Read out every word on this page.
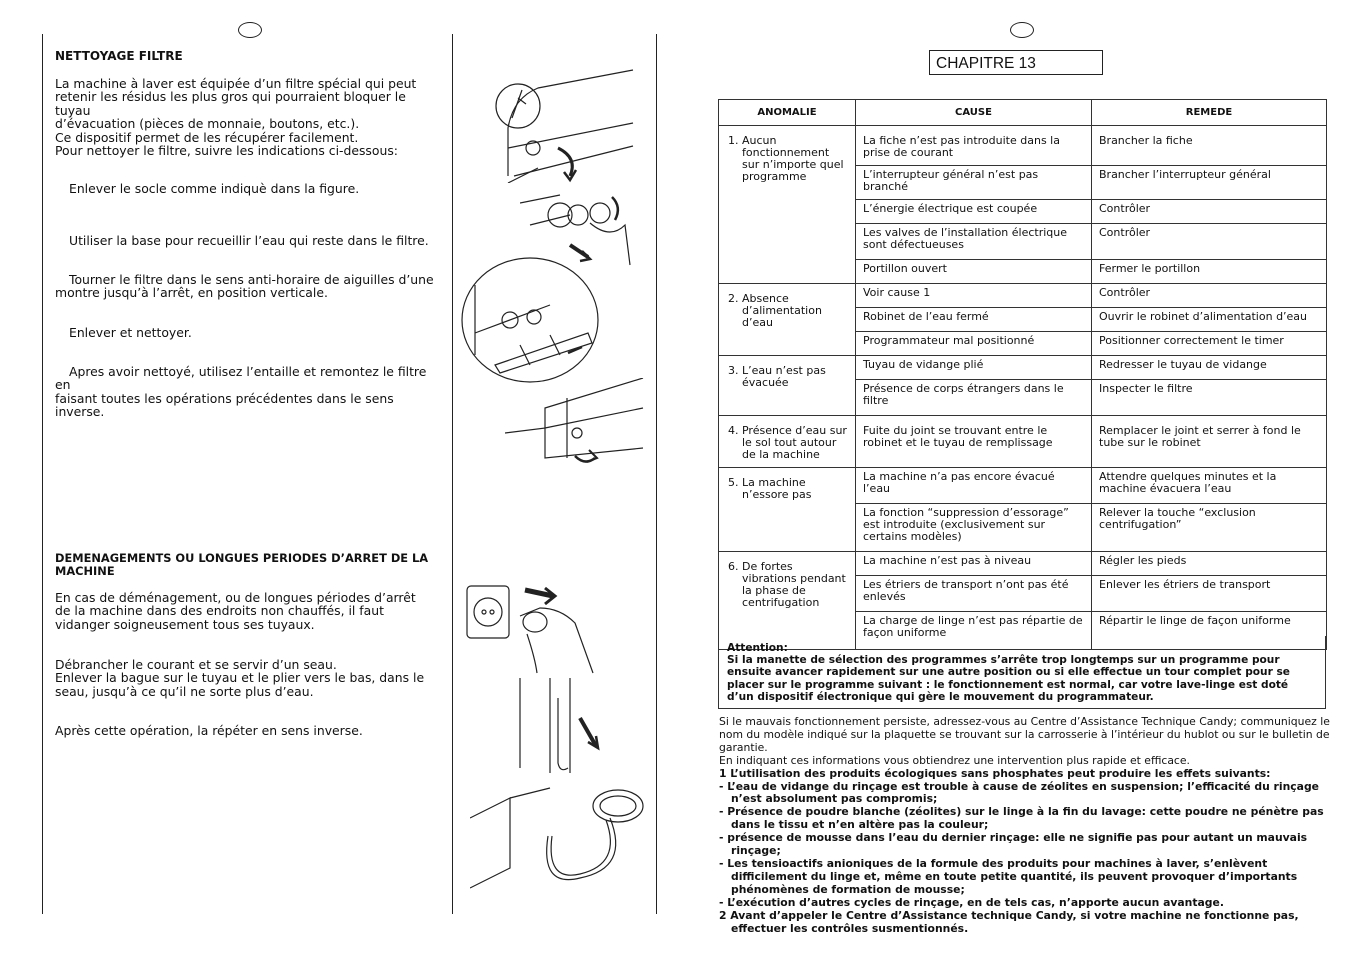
NETTOYAGE FILTRE
La machine à laver est équipée d’un filtre spécial qui peut
retenir les résidus les plus gros qui pourraient bloquer le tuyau
d’évacuation (pièces de monnaie, boutons, etc.).
Ce dispositif permet de les récupérer facilement.
Pour nettoyer le filtre, suivre les indications ci-dessous:
Enlever le socle comme indiquè dans la figure.
Utiliser la base pour recueillir l’eau qui reste dans le filtre.
Tourner le filtre dans le sens anti-horaire de aiguilles d’une
montre jusqu’à l’arrêt, en position verticale.
Enlever et nettoyer.
Apres avoir nettoyé, utilisez l’entaille et remontez le filtre en
faisant toutes les opérations précédentes dans le sens
inverse.
DEMENAGEMENTS OU LONGUES PERIODES D’ARRET DE LA
MACHINE
En cas de déménagement, ou de longues périodes d’arrêt
de la machine dans des endroits non chauffés, il faut
vidanger soigneusement tous ses tuyaux.
Débrancher le courant et se servir d’un seau.
Enlever la bague sur le tuyau et le plier vers le bas, dans le
seau, jusqu’à ce qu’il ne sorte plus d’eau.
Après cette opération, la répéter en sens inverse.
CHAPITRE 13
ANOMALIE	CAUSE	REMEDE

1. Aucun fonctionnement sur n’importe quel programme	La fiche n’est pas introduite dans la prise de courant	Brancher la fiche
	L’interrupteur général n’est pas branché	Brancher l’interrupteur général
	L’énergie électrique est coupée	Contrôler
	Les valves de l’installation électrique sont défectueuses	Contrôler
	Portillon ouvert	Fermer le portillon

2. Absence d’alimentation d’eau	Voir cause 1	Contrôler
	Robinet de l’eau fermé	Ouvrir le robinet d’alimentation d’eau
	Programmateur mal positionné	Positionner correctement le timer

3. L’eau n’est pas évacuée	Tuyau de vidange plié	Redresser le tuyau de vidange
	Présence de corps étrangers dans le filtre	Inspecter le filtre

4. Présence d’eau sur le sol tout autour de la machine	Fuite du joint se trouvant entre le robinet et le tuyau de remplissage	Remplacer le joint et serrer à fond le tube sur le robinet

5. La machine n’essore pas	La machine n’a pas encore évacué l’eau	Attendre quelques minutes et la machine évacuera l’eau
	La fonction “suppression d’essorage” est introduite (exclusivement sur certains modèles)	Relever la touche “exclusion centrifugation”

6. De fortes vibrations pendant la phase de centrifugation	La machine n’est pas à niveau	Régler les pieds
	Les étriers de transport n’ont pas été enlevés	Enlever les étriers de transport
	La charge de linge n’est pas répartie de façon uniforme	Répartir le linge de façon uniforme
Attention:
Si la manette de sélection des programmes s’arrête trop longtemps sur un programme pour ensuite avancer rapidement sur une autre position ou si elle effectue un tour complet pour se placer sur le programme suivant : le fonctionnement est normal, car votre lave-linge est doté d’un dispositif électronique qui gère le mouvement du programmateur.
Si le mauvais fonctionnement persiste, adressez-vous au Centre d’Assistance Technique Candy; communiquez le nom du modèle indiqué sur la plaquette se trouvant sur la carrosserie à l’intérieur du hublot ou sur le bulletin de garantie.
En indiquant ces informations vous obtiendrez une intervention plus rapide et efficace.
1 L’utilisation des produits écologiques sans phosphates peut produire les effets suivants:
- L’eau de vidange du rinçage est trouble à cause de zéolites en suspension; l’efficacité du rinçage n’est absolument pas compromis;
- Présence de poudre blanche (zéolites) sur le linge à la fin du lavage: cette poudre ne pénètre pas dans le tissu et n’en altère pas la couleur;
- présence de mousse dans l’eau du dernier rinçage: elle ne signifie pas pour autant un mauvais rinçage;
- Les tensioactifs anioniques de la formule des produits pour machines à laver, s’enlèvent difficilement du linge et, même en toute petite quantité, ils peuvent provoquer d’importants phénomènes de formation de mousse;
- L’exécution d’autres cycles de rinçage, en de tels cas, n’apporte aucun avantage.
2 Avant d’appeler le Centre d’Assistance technique Candy, si votre machine ne fonctionne pas, effectuer les contrôles susmentionnés.
